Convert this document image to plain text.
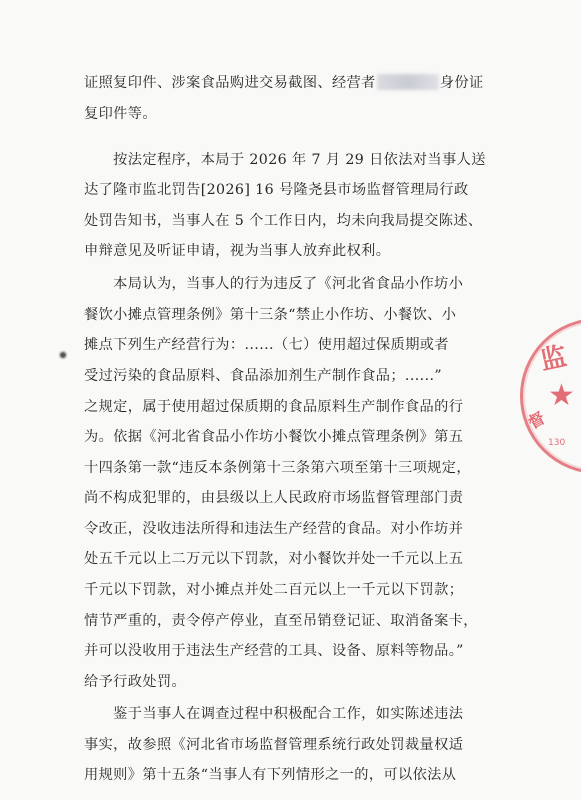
监
★
督
130
证照复印件、涉案食品购进交易截图、经营者	身份证
复印件等。
　　按法定程序，本局于 2026 年 7 月 29 日依法对当事人送
达了隆市监北罚告[2026] 16 号隆尧县市场监督管理局行政
处罚告知书，当事人在 5 个工作日内，均未向我局提交陈述、
申辩意见及听证申请，视为当事人放弃此权利。
　　本局认为，当事人的行为违反了《河北省食品小作坊小
餐饮小摊点管理条例》第十三条“禁止小作坊、小餐饮、小
摊点下列生产经营行为：......（七）使用超过保质期或者
受过污染的食品原料、食品添加剂生产制作食品；......”
之规定，属于使用超过保质期的食品原料生产制作食品的行
为。依据《河北省食品小作坊小餐饮小摊点管理条例》第五
十四条第一款“违反本条例第十三条第六项至第十三项规定，
尚不构成犯罪的，由县级以上人民政府市场监督管理部门责
令改正，没收违法所得和违法生产经营的食品。对小作坊并
处五千元以上二万元以下罚款，对小餐饮并处一千元以上五
千元以下罚款，对小摊点并处二百元以上一千元以下罚款；
情节严重的，责令停产停业，直至吊销登记证、取消备案卡，
并可以没收用于违法生产经营的工具、设备、原料等物品。”
给予行政处罚。
　　鉴于当事人在调查过程中积极配合工作，如实陈述违法
事实，故参照《河北省市场监督管理系统行政处罚裁量权适
用规则》第十五条“当事人有下列情形之一的，可以依法从
